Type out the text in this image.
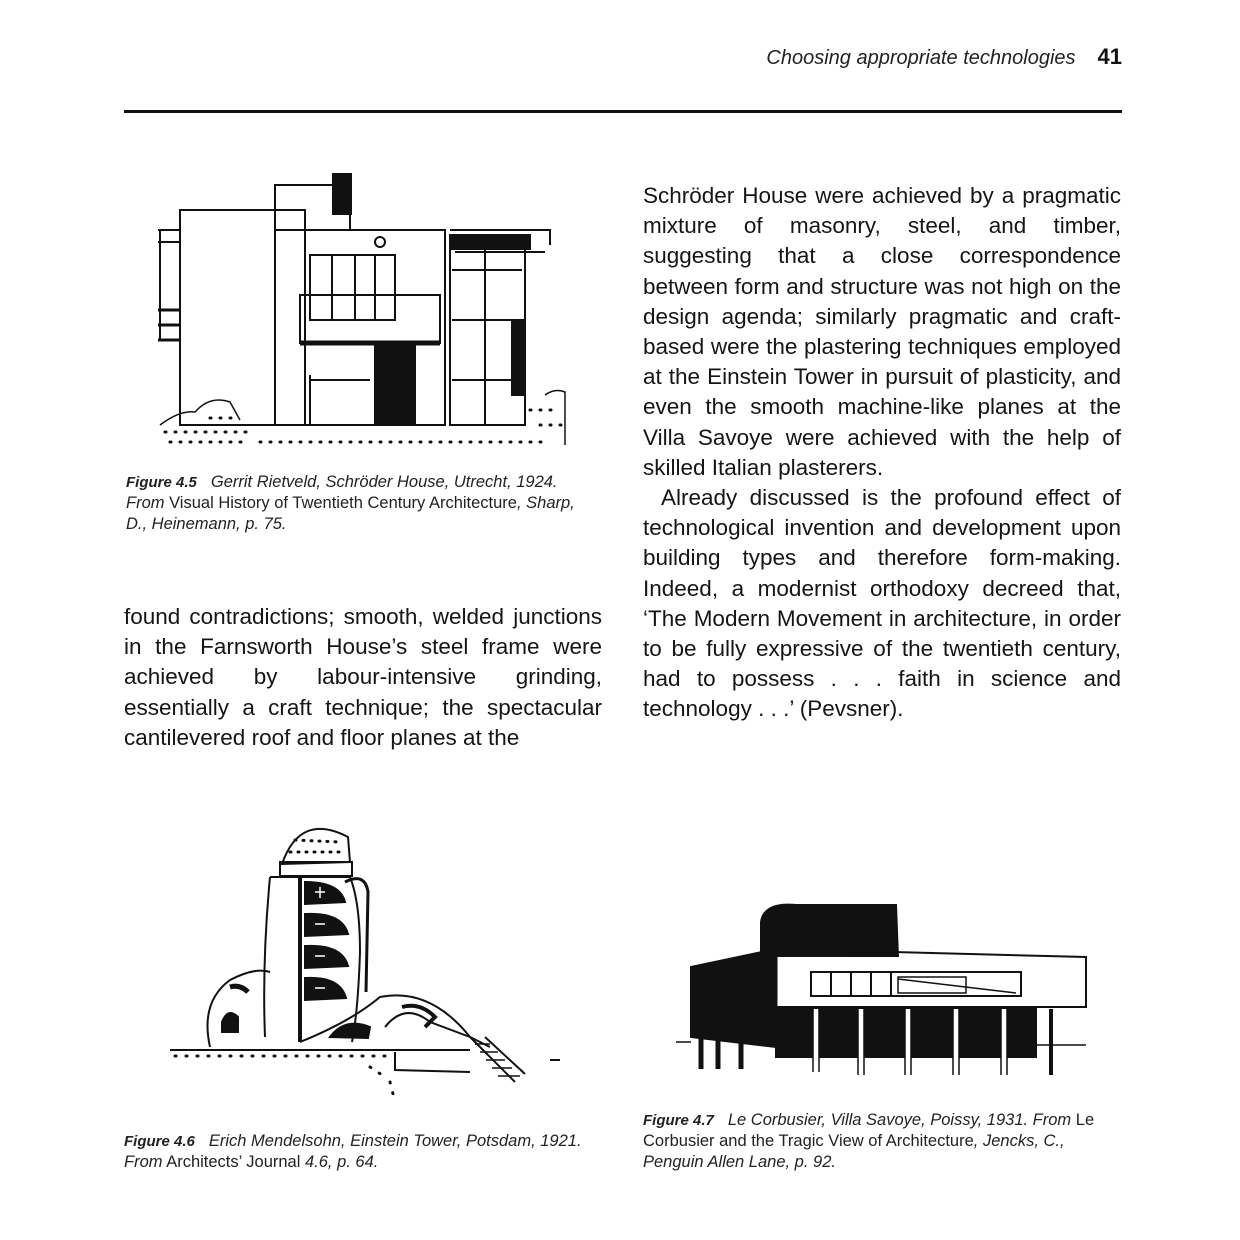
Choosing appropriate technologies 41
Figure 4.5 Gerrit Rietveld, Schröder House, Utrecht, 1924. From Visual History of Twentieth Century Architecture, Sharp, D., Heinemann, p. 75.

found contradictions; smooth, welded junctions in the Farnsworth House’s steel frame were achieved by labour-intensive grinding, essentially a craft technique; the spectacular cantilevered roof and floor planes at the

Schröder House were achieved by a pragmatic mixture of masonry, steel, and timber, suggesting that a close correspondence between form and structure was not high on the design agenda; similarly pragmatic and craft-based were the plastering techniques employed at the Einstein Tower in pursuit of plasticity, and even the smooth machine-like planes at the Villa Savoye were achieved with the help of skilled Italian plasterers.

Already discussed is the profound effect of technological invention and development upon building types and therefore form-making. Indeed, a modernist orthodoxy decreed that, ‘The Modern Movement in architecture, in order to be fully expressive of the twentieth century, had to possess . . . faith in science and technology . . .’ (Pevsner).

Figure 4.6 Erich Mendelsohn, Einstein Tower, Potsdam, 1921. From Architects’ Journal 4.6, p. 64.
Figure 4.7 Le Corbusier, Villa Savoye, Poissy, 1931. From Le Corbusier and the Tragic View of Architecture, Jencks, C., Penguin Allen Lane, p. 92.
